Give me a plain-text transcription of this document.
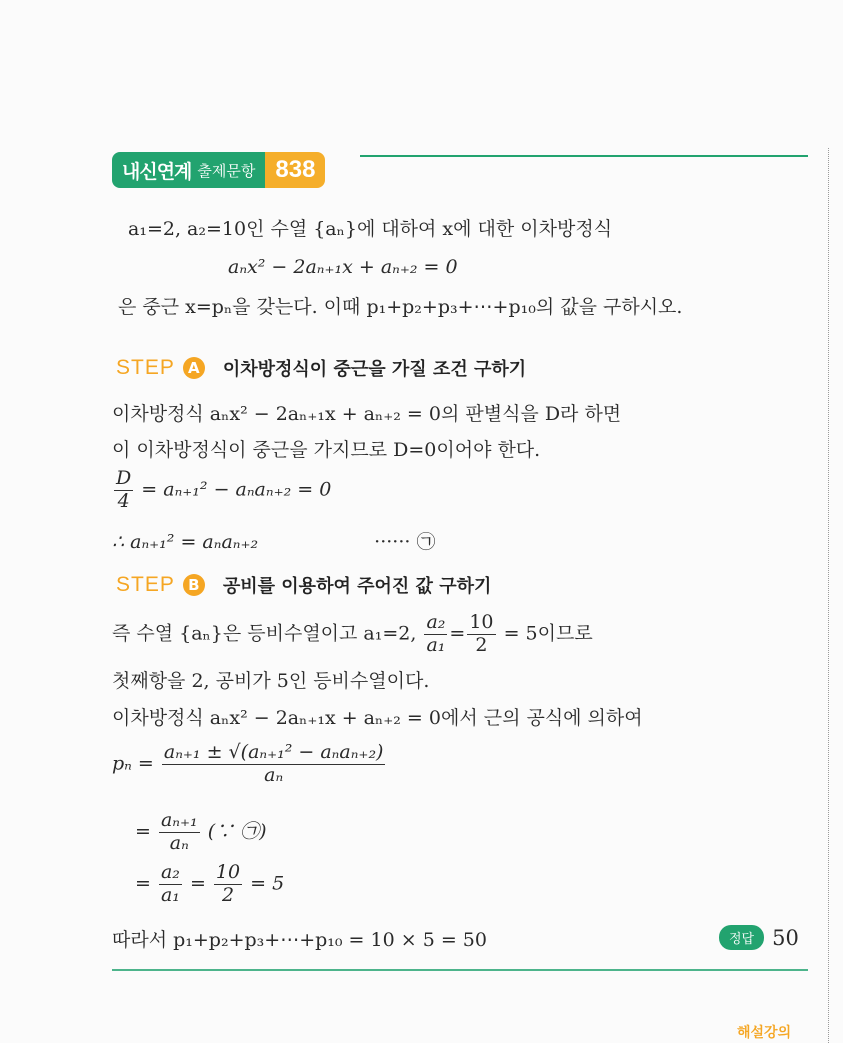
내신연계 출제문항 838
a₁=2, a₂=10인 수열 {aₙ}에 대하여 x에 대한 이차방정식
aₙx² − 2aₙ₊₁x + aₙ₊₂ = 0
은 중근 x=pₙ을 갖는다. 이때 p₁+p₂+p₃+⋯+p₁₀의 값을 구하시오.
STEP A 이차방정식이 중근을 가질 조건 구하기
이차방정식 aₙx² − 2aₙ₊₁x + aₙ₊₂ = 0의 판별식을 D라 하면
이 이차방정식이 중근을 가지므로 D=0이어야 한다.
$\frac{D}{4} = a_{n+1}^2 - a_na_{n+2} = 0$
∴ aₙ₊₁² = aₙaₙ₊₂	······ ㉠
STEP B 공비를 이용하여 주어진 값 구하기
즉 수열 {aₙ}은 등비수열이고 a₁=2, $\frac{\text{a₂}}{\text{a₁}} = \frac{10}{2} = 5$이므로
첫째항을 2, 공비가 5인 등비수열이다.
이차방정식 aₙx² − 2aₙ₊₁x + aₙ₊₂ = 0에서 근의 공식에 의하여
$p_n = \frac{\text{aₙ₊₁ ± √(aₙ₊₁² − aₙaₙ₊₂)}}{\text{aₙ}}$
= $\frac{\text{aₙ₊₁}}{\text{aₙ}}$ (∵ ㉠)
= $\frac{\text{a₂}}{\text{a₁}} = \frac{10}{2} = 5$
따라서 p₁+p₂+p₃+⋯+p₁₀ = 10 × 5 = 50	정답 50
해설강의
